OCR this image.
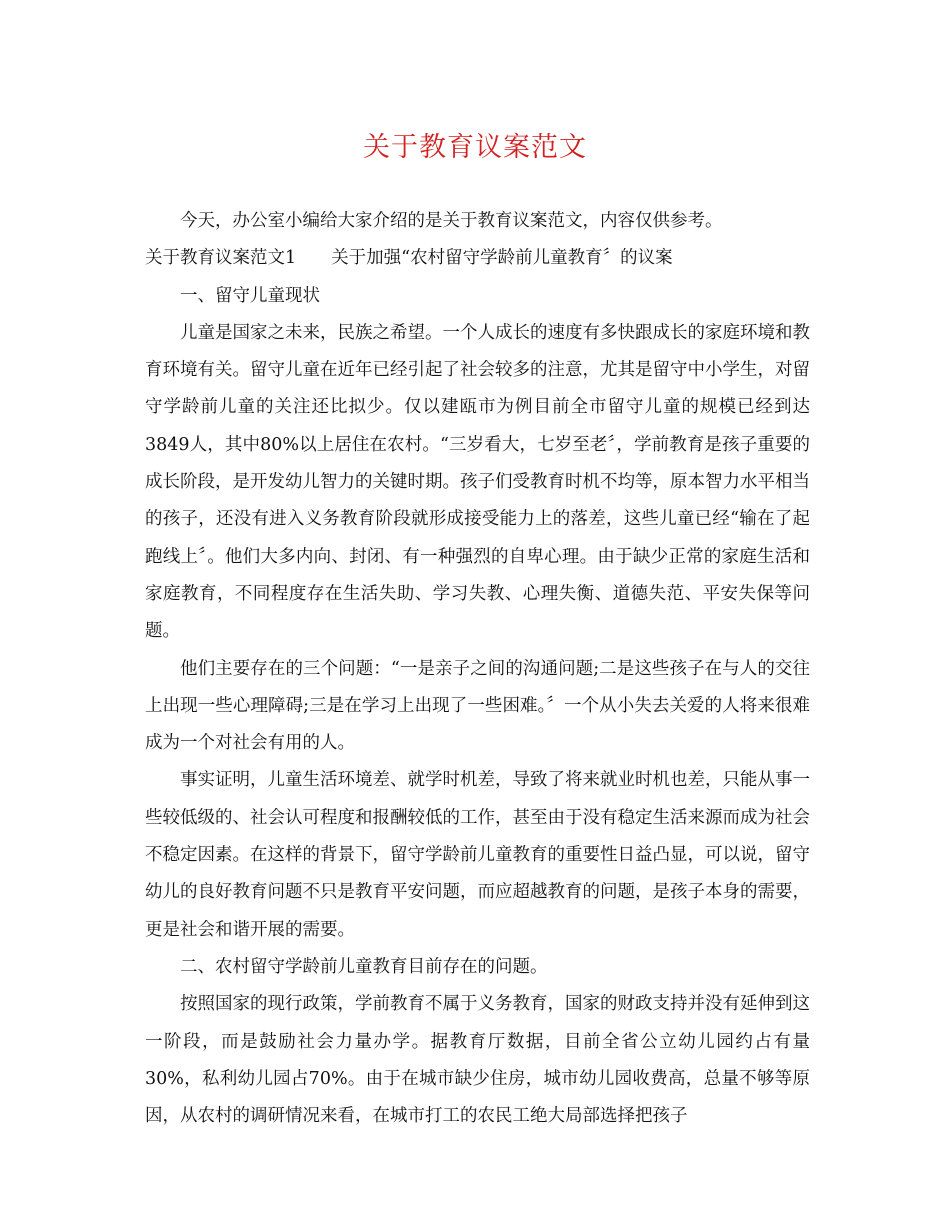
关于教育议案范文

今天，办公室小编给大家介绍的是关于教育议案范文，内容仅供参考。

关于教育议案范文1　　关于加强“农村留守学龄前儿童教育〞的议案

一、留守儿童现状

儿童是国家之未来，民族之希望。一个人成长的速度有多快跟成长的家庭环境和教育环境有关。留守儿童在近年已经引起了社会较多的注意，尤其是留守中小学生，对留守学龄前儿童的关注还比拟少。仅以建瓯市为例目前全市留守儿童的规模已经到达3849人，其中80%以上居住在农村。“三岁看大，七岁至老〞，学前教育是孩子重要的成长阶段，是开发幼儿智力的关键时期。孩子们受教育时机不均等，原本智力水平相当的孩子，还没有进入义务教育阶段就形成接受能力上的落差，这些儿童已经“输在了起跑线上〞。他们大多内向、封闭、有一种强烈的自卑心理。由于缺少正常的家庭生活和家庭教育，不同程度存在生活失助、学习失教、心理失衡、道德失范、平安失保等问题。

他们主要存在的三个问题：“一是亲子之间的沟通问题;二是这些孩子在与人的交往上出现一些心理障碍;三是在学习上出现了一些困难。〞一个从小失去关爱的人将来很难成为一个对社会有用的人。

事实证明，儿童生活环境差、就学时机差，导致了将来就业时机也差，只能从事一些较低级的、社会认可程度和报酬较低的工作，甚至由于没有稳定生活来源而成为社会不稳定因素。在这样的背景下，留守学龄前儿童教育的重要性日益凸显，可以说，留守幼儿的良好教育问题不只是教育平安问题，而应超越教育的问题，是孩子本身的需要，更是社会和谐开展的需要。

二、农村留守学龄前儿童教育目前存在的问题。

按照国家的现行政策，学前教育不属于义务教育，国家的财政支持并没有延伸到这一阶段，而是鼓励社会力量办学。据教育厅数据，目前全省公立幼儿园约占有量30%，私利幼儿园占70%。由于在城市缺少住房，城市幼儿园收费高，总量不够等原因，从农村的调研情况来看，在城市打工的农民工绝大局部选择把孩子
